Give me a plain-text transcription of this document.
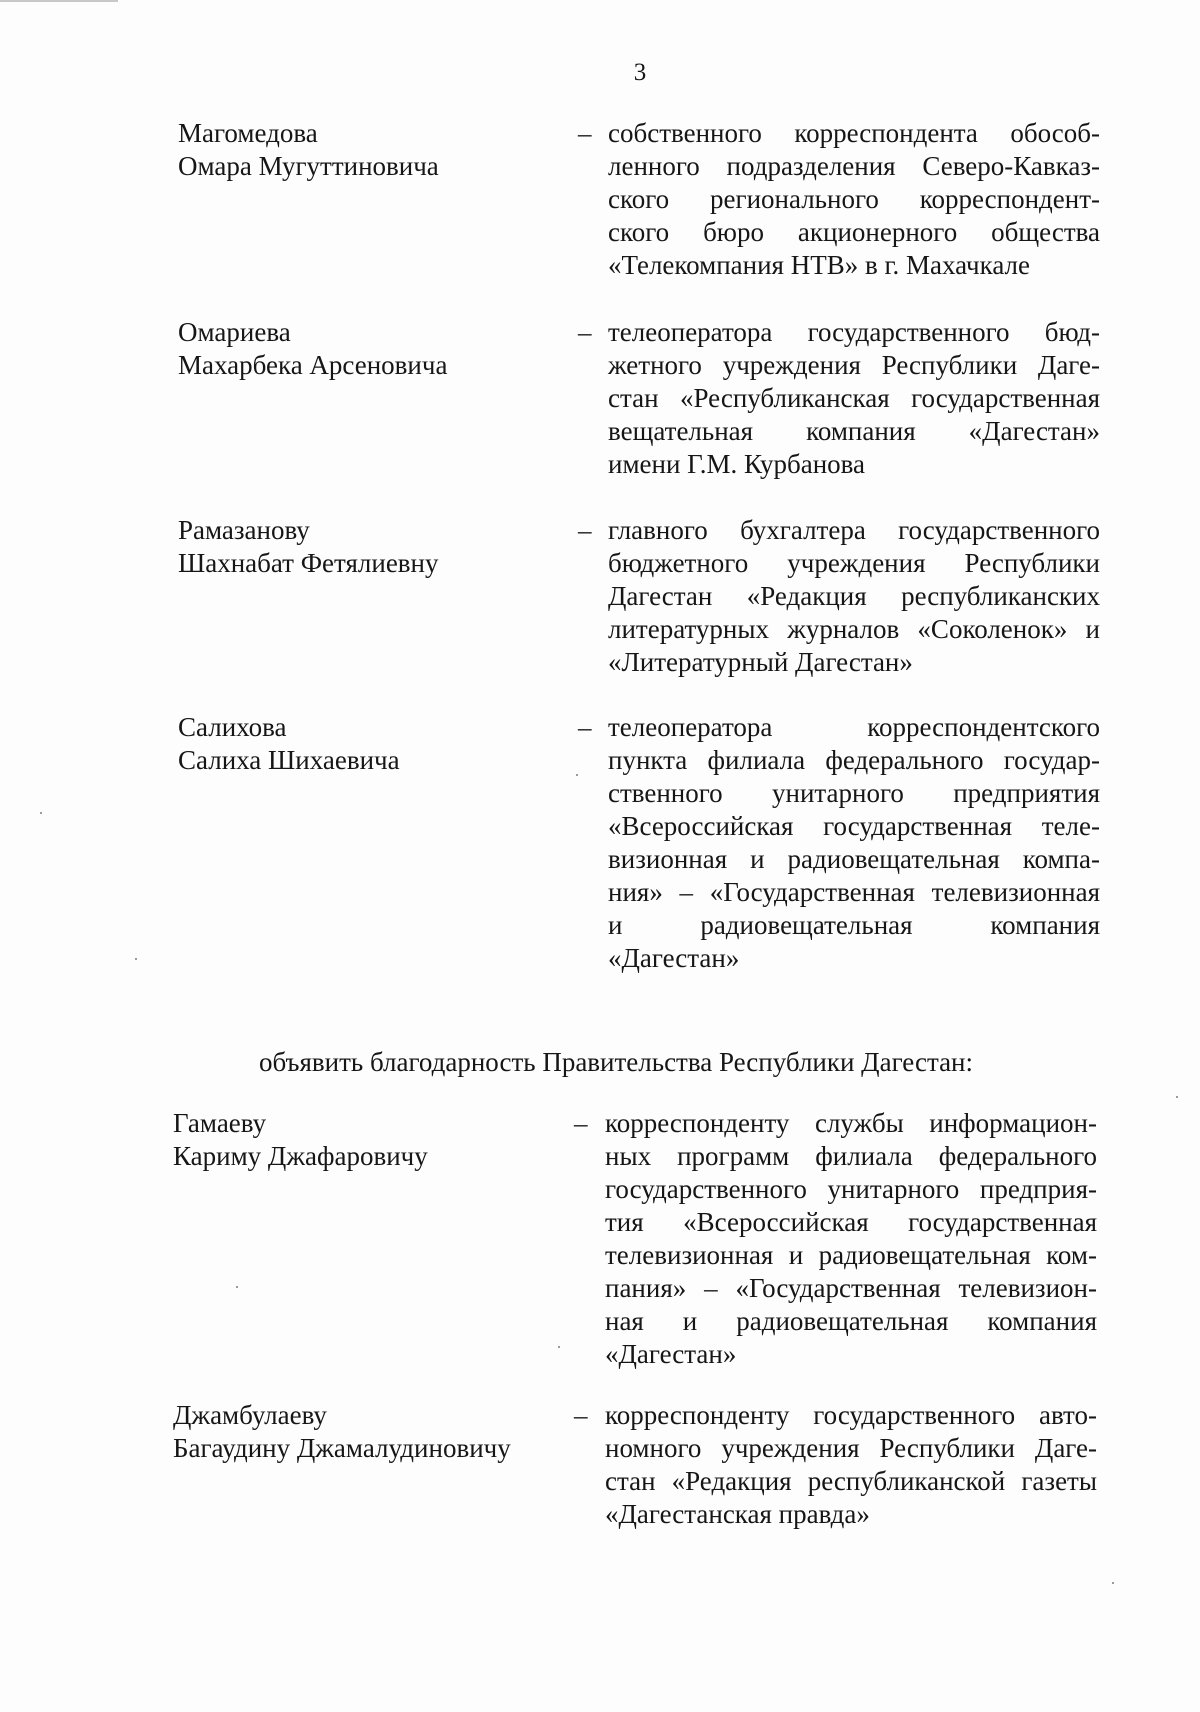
3
Магомедова
Омара Мугуттиновича
– собственного корреспондента обособ-
ленного подразделения Северо-Кавказ-
ского регионального корреспондент-
ского бюро акционерного общества
«Телекомпания НТВ» в г. Махачкале
Омариева
Махарбека Арсеновича
– телеоператора государственного бюд-
жетного учреждения Республики Даге-
стан «Республиканская государственная
вещательная компания «Дагестан»
имени Г.М. Курбанова
Рамазанову
Шахнабат Фетялиевну
– главного бухгалтера государственного
бюджетного учреждения Республики
Дагестан «Редакция республиканских
литературных журналов «Соколенок» и
«Литературный Дагестан»
Салихова
Салиха Шихаевича
– телеоператора корреспондентского
пункта филиала федерального государ-
ственного унитарного предприятия
«Всероссийская государственная теле-
визионная и радиовещательная компа-
ния» – «Государственная телевизионная
и радиовещательная компания
«Дагестан»
объявить благодарность Правительства Республики Дагестан:
Гамаеву
Кариму Джафаровичу
– корреспонденту службы информацион-
ных программ филиала федерального
государственного унитарного предприя-
тия «Всероссийская государственная
телевизионная и радиовещательная ком-
пания» – «Государственная телевизион-
ная и радиовещательная компания
«Дагестан»
Джамбулаеву
Багаудину Джамалудиновичу
– корреспонденту государственного авто-
номного учреждения Республики Даге-
стан «Редакция республиканской газеты
«Дагестанская правда»
